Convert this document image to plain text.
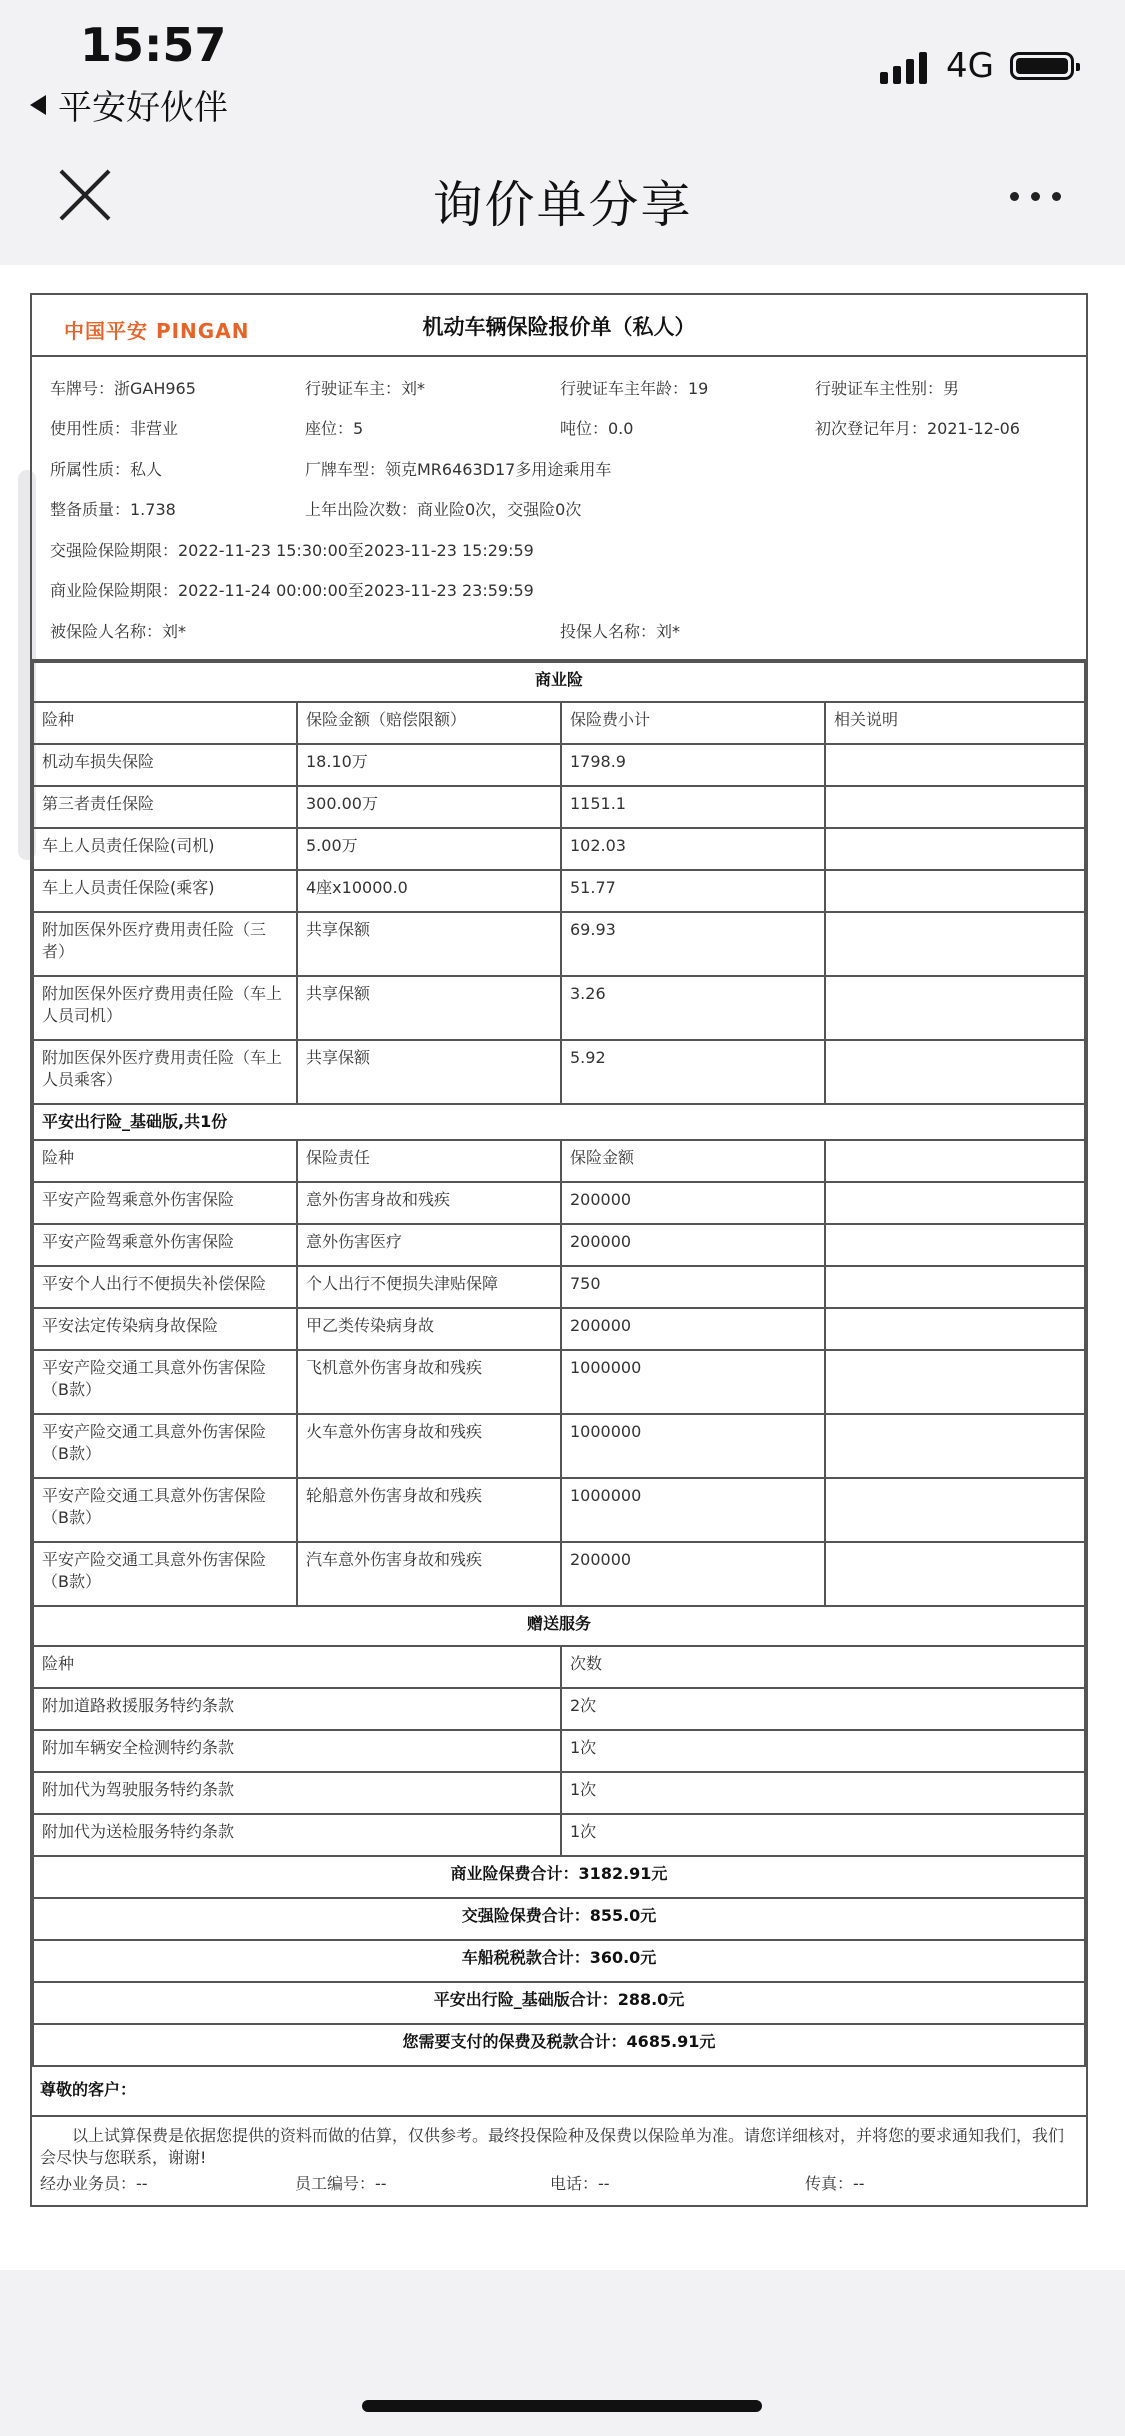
15:57
平安好伙伴
4G
询价单分享
中国平安 PINGAN	机动车辆保险报价单（私人）
车牌号：浙GAH965	行驶证车主：刘*	行驶证车主年龄：19	行驶证车主性别：男
使用性质：非营业	座位：5	吨位：0.0	初次登记年月：2021-12-06
所属性质：私人	厂牌车型：领克MR6463D17多用途乘用车
整备质量：1.738	上年出险次数：商业险0次，交强险0次
交强险保险期限：2022-11-23 15:30:00至2023-11-23 15:29:59
商业险保险期限：2022-11-24 00:00:00至2023-11-23 23:59:59
被保险人名称：刘*	投保人名称：刘*
商业险			
险种	保险金额（赔偿限额）	保险费小计	相关说明
机动车损失保险	18.10万	1798.9	
第三者责任保险	300.00万	1151.1	
车上人员责任保险(司机)	5.00万	102.03	
车上人员责任保险(乘客)	4座x10000.0	51.77	
附加医保外医疗费用责任险（三者）	共享保额	69.93	
附加医保外医疗费用责任险（车上人员司机）	共享保额	3.26	
附加医保外医疗费用责任险（车上人员乘客）	共享保额	5.92	
平安出行险_基础版,共1份			
险种	保险责任	保险金额	
平安产险驾乘意外伤害保险	意外伤害身故和残疾	200000	
平安产险驾乘意外伤害保险	意外伤害医疗	200000	
平安个人出行不便损失补偿保险	个人出行不便损失津贴保障	750	
平安法定传染病身故保险	甲乙类传染病身故	200000	
平安产险交通工具意外伤害保险（B款）	飞机意外伤害身故和残疾	1000000	
平安产险交通工具意外伤害保险（B款）	火车意外伤害身故和残疾	1000000	
平安产险交通工具意外伤害保险（B款）	轮船意外伤害身故和残疾	1000000	
平安产险交通工具意外伤害保险（B款）	汽车意外伤害身故和残疾	200000	
赠送服务			
险种		次数	
附加道路救援服务特约条款		2次	
附加车辆安全检测特约条款		1次	
附加代为驾驶服务特约条款		1次	
附加代为送检服务特约条款		1次	
商业险保费合计：3182.91元			
交强险保费合计：855.0元			
车船税税款合计：360.0元			
平安出行险_基础版合计：288.0元			
您需要支付的保费及税款合计：4685.91元			
尊敬的客户：
以上试算保费是依据您提供的资料而做的估算，仅供参考。最终投保险种及保费以保险单为准。请您详细核对，并将您的要求通知我们，我们会尽快与您联系，谢谢!
经办业务员：--	员工编号：--	电话：--	传真：--
